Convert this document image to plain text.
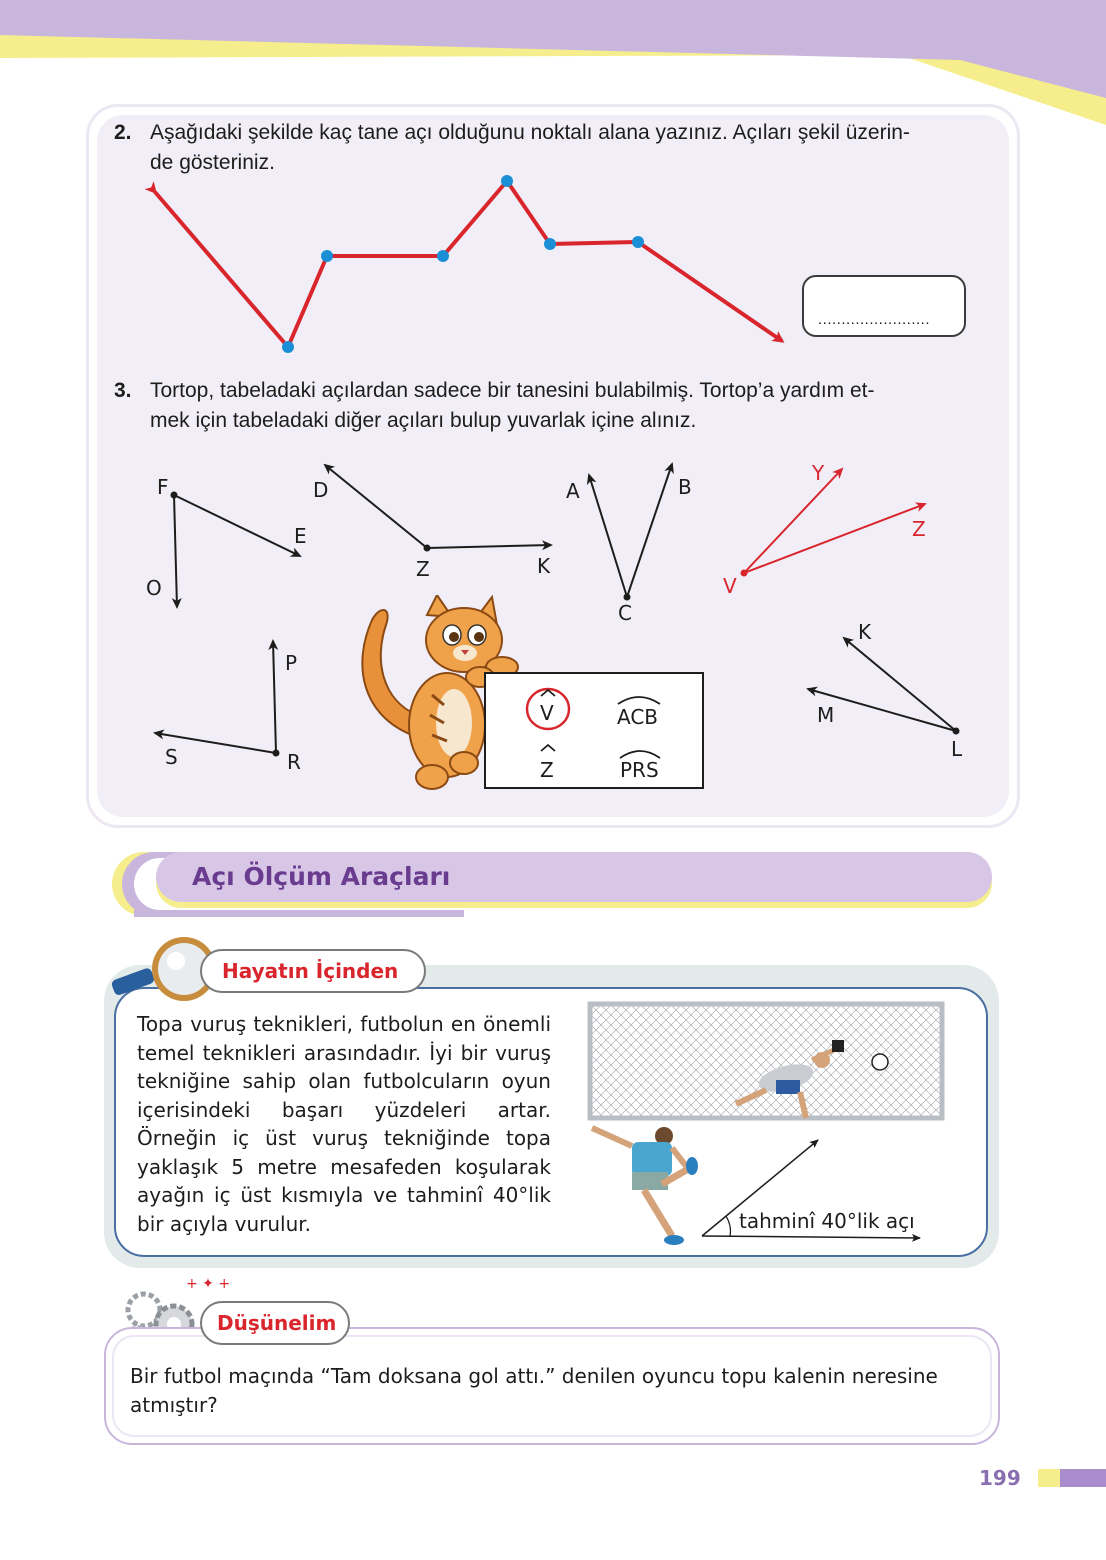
2. Aşağıdaki şekilde kaç tane açı olduğunu noktalı alana yazınız. Açıları şekil üzerin-
de gösteriniz.
........................
3. Tortop, tabeladaki açılardan sadece bir tanesini bulabilmiş. Tortop’a yardım et-
mek için tabeladaki diğer açıları bulup yuvarlak içine alınız.
F
E
O
D
Z	K
A	B
C
Y
Z
V
P
S	R
K
M
L
V	ACB
Z	PRS
Açı Ölçüm Araçları
Hayatın İçinden
Topa vuruş teknikleri, futbolun en önemli temel teknikleri arasındadır. İyi bir vuruş tekniğine sahip olan futbolcuların oyun içerisindeki başarı yüzdeleri artar. Örneğin iç üst vuruş tekniğinde topa yaklaşık 5 metre mesafeden koşularak ayağın iç üst kısmıyla ve tahminî 40°lik bir açıyla vurulur.	tahminî 40°lik açı
+ ✦ +
Düşünelim
Bir futbol maçında “Tam doksana gol attı.” denilen oyuncu topu kalenin neresine atmıştır?
199
